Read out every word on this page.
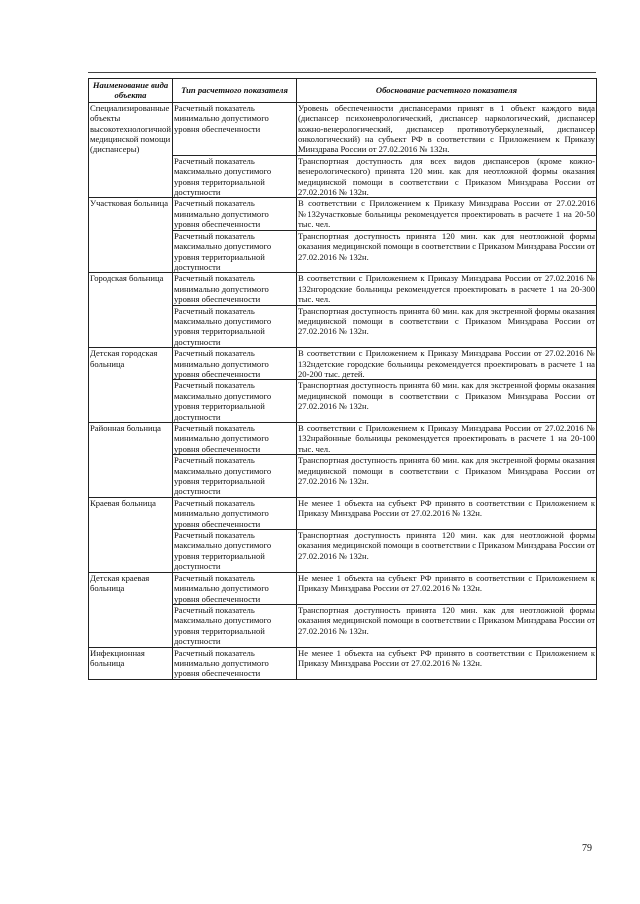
Наименование вида объекта	Тип расчетного показателя	Обоснование расчетного показателя
Специализированные объекты высокотехнологичной медицинской помощи (диспансеры)	Расчетный показатель минимально допустимого уровня обеспеченности	Уровень обеспеченности диспансерами принят в 1 объект каждого вида (диспансер психоневрологический, диспансер наркологический, диспансер кожно-венерологический, диспансер противотуберкулезный, диспансер онкологический) на субъект РФ в соответствии с Приложением к Приказу Минздрава России от 27.02.2016 № 132н.
	Расчетный показатель максимально допустимого уровня территориальной доступности	Транспортная доступность для всех видов диспансеров (кроме кожно-венерологического) принята 120 мин. как для неотложной формы оказания медицинской помощи в соответствии с Приказом Минздрава России от 27.02.2016 № 132н.
Участковая больница	Расчетный показатель минимально допустимого уровня обеспеченности	В соответствии с Приложением к Приказу Минздрава России от 27.02.2016 №132участковые больницы рекомендуется проектировать в расчете 1 на 20-50 тыс. чел.
	Расчетный показатель максимально допустимого уровня территориальной доступности	Транспортная доступность принята 120 мин. как для неотложной формы оказания медицинской помощи в соответствии с Приказом Минздрава России от 27.02.2016 № 132н.
Городская больница	Расчетный показатель минимально допустимого уровня обеспеченности	В соответствии с Приложением к Приказу Минздрава России от 27.02.2016 № 132нгородские больницы рекомендуется проектировать в расчете 1 на 20-300 тыс. чел.
	Расчетный показатель максимально допустимого уровня территориальной доступности	Транспортная доступность принята 60 мин. как для экстренной формы оказания медицинской помощи в соответствии с Приказом Минздрава России от 27.02.2016 № 132н.
Детская городская больница	Расчетный показатель минимально допустимого уровня обеспеченности	В соответствии с Приложением к Приказу Минздрава России от 27.02.2016 № 132ндетские городские больницы рекомендуется проектировать в расчете 1 на 20-200 тыс. детей.
	Расчетный показатель максимально допустимого уровня территориальной доступности	Транспортная доступность принята 60 мин. как для экстренной формы оказания медицинской помощи в соответствии с Приказом Минздрава России от 27.02.2016 № 132н.
Районная больница	Расчетный показатель минимально допустимого уровня обеспеченности	В соответствии с Приложением к Приказу Минздрава России от 27.02.2016 № 132нрайонные больницы рекомендуется проектировать в расчете 1 на 20-100 тыс. чел.
	Расчетный показатель максимально допустимого уровня территориальной доступности	Транспортная доступность принята 60 мин. как для экстренной формы оказания медицинской помощи в соответствии с Приказом Минздрава России от 27.02.2016 № 132н.
Краевая больница	Расчетный показатель минимально допустимого уровня обеспеченности	Не менее 1 объекта на субъект РФ принято в соответствии с Приложением к Приказу Минздрава России от 27.02.2016 № 132н.
	Расчетный показатель максимально допустимого уровня территориальной доступности	Транспортная доступность принята 120 мин. как для неотложной формы оказания медицинской помощи в соответствии с Приказом Минздрава России от 27.02.2016 № 132н.
Детская краевая больница	Расчетный показатель минимально допустимого уровня обеспеченности	Не менее 1 объекта на субъект РФ принято в соответствии с Приложением к Приказу Минздрава России от 27.02.2016 № 132н.
	Расчетный показатель максимально допустимого уровня территориальной доступности	Транспортная доступность принята 120 мин. как для неотложной формы оказания медицинской помощи в соответствии с Приказом Минздрава России от 27.02.2016 № 132н.
Инфекционная больница	Расчетный показатель минимально допустимого уровня обеспеченности	Не менее 1 объекта на субъект РФ принято в соответствии с Приложением к Приказу Минздрава России от 27.02.2016 № 132н.
79
